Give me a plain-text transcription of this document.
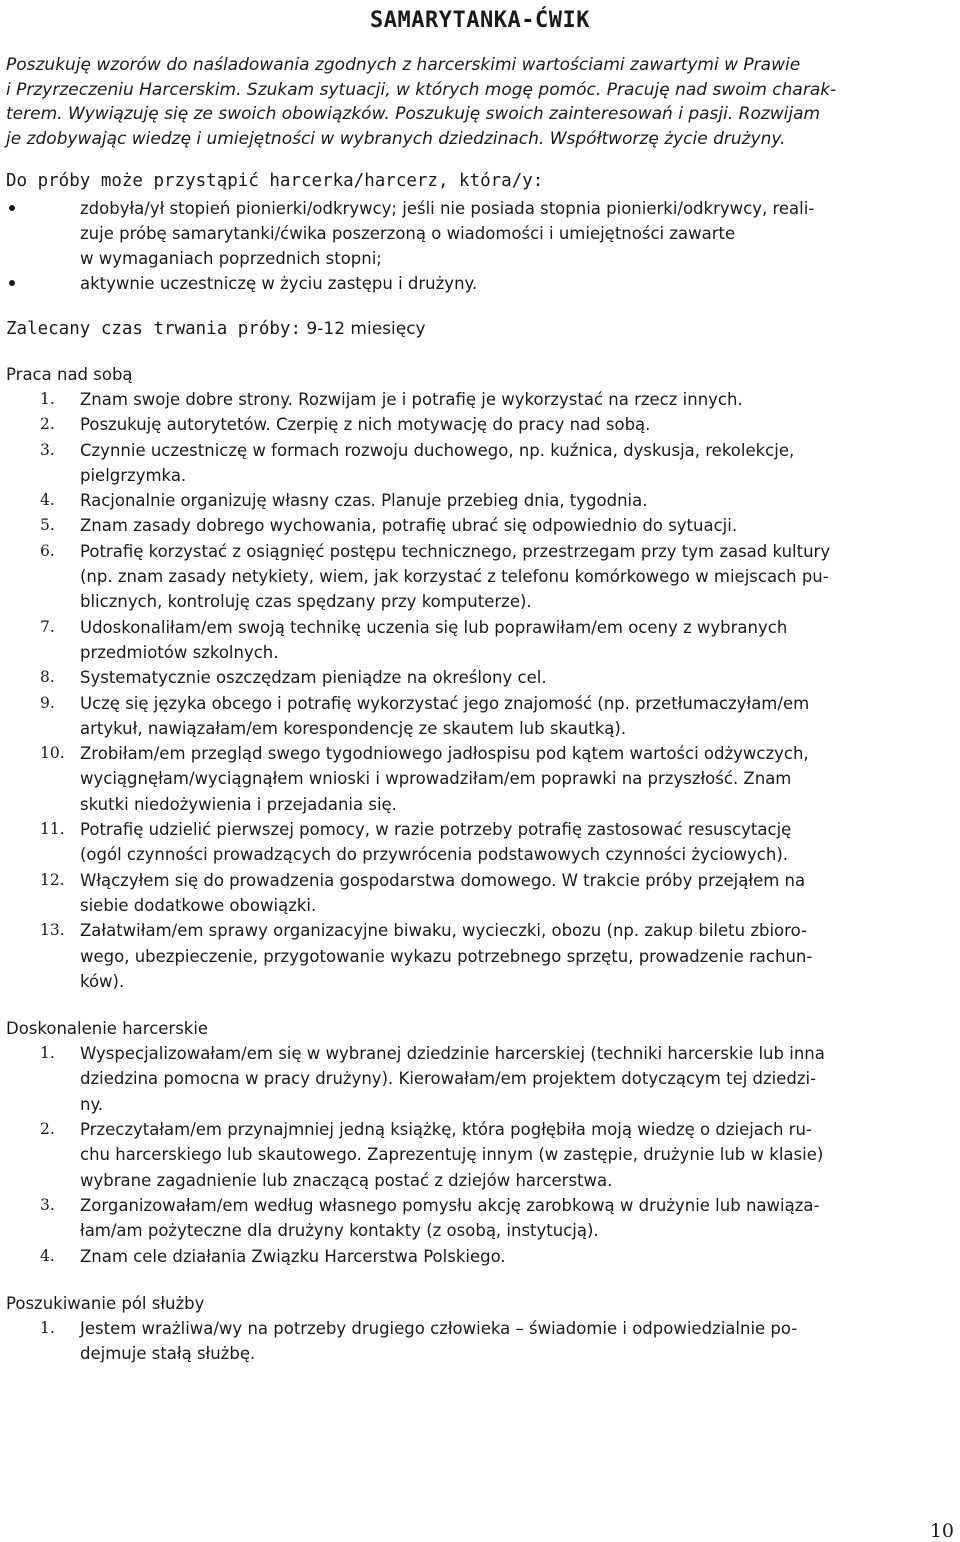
SAMARYTANKA-ĆWIK
Poszukuję wzorów do naśladowania zgodnych z harcerskimi wartościami zawartymi w Prawie
i Przyrzeczeniu Harcerskim. Szukam sytuacji, w których mogę pomóc. Pracuję nad swoim charak-
terem. Wywiązuję się ze swoich obowiązków. Poszukuję swoich zainteresowań i pasji. Rozwijam
je zdobywając wiedzę i umiejętności w wybranych dziedzinach. Współtworzę życie drużyny.
Do próby może przystąpić harcerka/harcerz, która/y:
zdobyła/ył stopień pionierki/odkrywcy; jeśli nie posiada stopnia pionierki/odkrywcy, reali-
zuje próbę samarytanki/ćwika poszerzoną o wiadomości i umiejętności zawarte
w wymaganiach poprzednich stopni;
aktywnie uczestniczę w życiu zastępu i drużyny.
Zalecany czas trwania próby: 9-12 miesięcy
Praca nad sobą
1. Znam swoje dobre strony. Rozwijam je i potrafię je wykorzystać na rzecz innych.
2. Poszukuję autorytetów. Czerpię z nich motywację do pracy nad sobą.
3. Czynnie uczestniczę w formach rozwoju duchowego, np. kuźnica, dyskusja, rekolekcje,
pielgrzymka.
4. Racjonalnie organizuję własny czas. Planuje przebieg dnia, tygodnia.
5. Znam zasady dobrego wychowania, potrafię ubrać się odpowiednio do sytuacji.
6. Potrafię korzystać z osiągnięć postępu technicznego, przestrzegam przy tym zasad kultury
(np. znam zasady netykiety, wiem, jak korzystać z telefonu komórkowego w miejscach pu-
blicznych, kontroluję czas spędzany przy komputerze).
7. Udoskonaliłam/em swoją technikę uczenia się lub poprawiłam/em oceny z wybranych
przedmiotów szkolnych.
8. Systematycznie oszczędzam pieniądze na określony cel.
9. Uczę się języka obcego i potrafię wykorzystać jego znajomość (np. przetłumaczyłam/em
artykuł, nawiązałam/em korespondencję ze skautem lub skautką).
10. Zrobiłam/em przegląd swego tygodniowego jadłospisu pod kątem wartości odżywczych,
wyciągnęłam/wyciągnąłem wnioski i wprowadziłam/em poprawki na przyszłość. Znam
skutki niedożywienia i przejadania się.
11. Potrafię udzielić pierwszej pomocy, w razie potrzeby potrafię zastosować resuscytację
(ogól czynności prowadzących do przywrócenia podstawowych czynności życiowych).
12. Włączyłem się do prowadzenia gospodarstwa domowego. W trakcie próby przejąłem na
siebie dodatkowe obowiązki.
13. Załatwiłam/em sprawy organizacyjne biwaku, wycieczki, obozu (np. zakup biletu zbioro-
wego, ubezpieczenie, przygotowanie wykazu potrzebnego sprzętu, prowadzenie rachun-
ków).
Doskonalenie harcerskie
1. Wyspecjalizowałam/em się w wybranej dziedzinie harcerskiej (techniki harcerskie lub inna
dziedzina pomocna w pracy drużyny). Kierowałam/em projektem dotyczącym tej dziedzi-
ny.
2. Przeczytałam/em przynajmniej jedną książkę, która pogłębiła moją wiedzę o dziejach ru-
chu harcerskiego lub skautowego. Zaprezentuję innym (w zastępie, drużynie lub w klasie)
wybrane zagadnienie lub znaczącą postać z dziejów harcerstwa.
3. Zorganizowałam/em według własnego pomysłu akcję zarobkową w drużynie lub nawiąza-
łam/am pożyteczne dla drużyny kontakty (z osobą, instytucją).
4. Znam cele działania Związku Harcerstwa Polskiego.
Poszukiwanie pól służby
1. Jestem wrażliwa/wy na potrzeby drugiego człowieka – świadomie i odpowiedzialnie po-
dejmuje stałą służbę.
10
